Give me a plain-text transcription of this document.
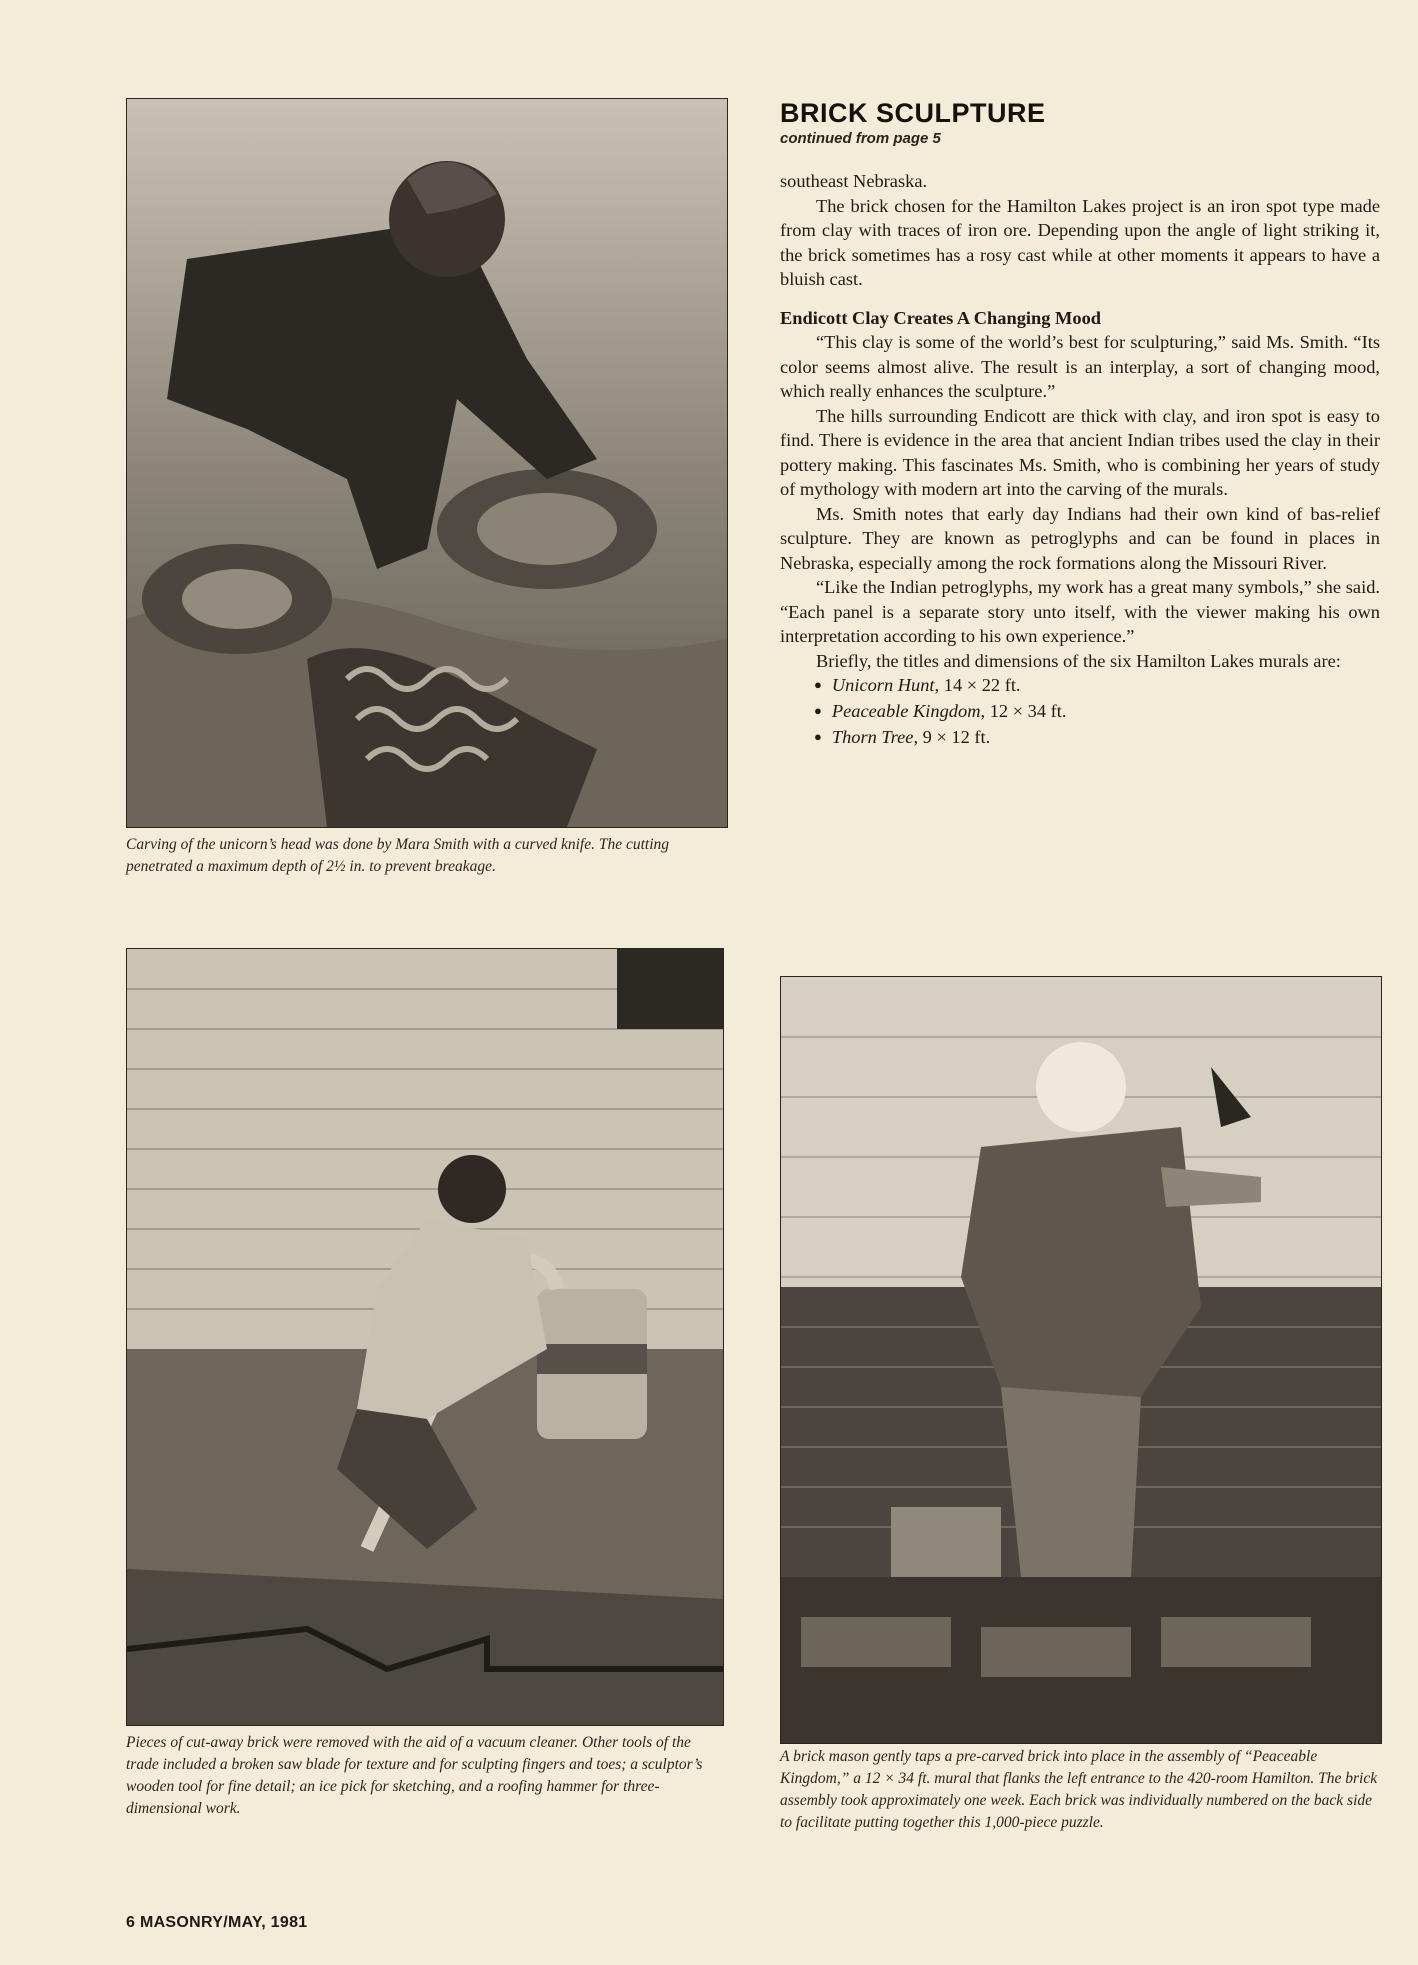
Carving of the unicorn’s head was done by Mara Smith with a curved knife. The cutting penetrated a maximum depth of 2½ in. to prevent breakage.

Pieces of cut-away brick were removed with the aid of a vacuum cleaner. Other tools of the trade included a broken saw blade for texture and for sculpting fingers and toes; a sculptor’s wooden tool for fine detail; an ice pick for sketching, and a roofing hammer for three-dimensional work.

BRICK SCULPTURE
continued from page 5

southeast Nebraska.

The brick chosen for the Hamilton Lakes project is an iron spot type made from clay with traces of iron ore. Depending upon the angle of light striking it, the brick sometimes has a rosy cast while at other moments it appears to have a bluish cast.

Endicott Clay Creates A Changing Mood

“This clay is some of the world’s best for sculpturing,” said Ms. Smith. “Its color seems almost alive. The result is an interplay, a sort of changing mood, which really enhances the sculpture.”

The hills surrounding Endicott are thick with clay, and iron spot is easy to find. There is evidence in the area that ancient Indian tribes used the clay in their pottery making. This fascinates Ms. Smith, who is combining her years of study of mythology with modern art into the carving of the murals.

Ms. Smith notes that early day Indians had their own kind of bas-relief sculpture. They are known as petroglyphs and can be found in places in Nebraska, especially among the rock formations along the Missouri River.

“Like the Indian petroglyphs, my work has a great many symbols,” she said. “Each panel is a separate story unto itself, with the viewer making his own interpretation according to his own experience.”

Briefly, the titles and dimensions of the six Hamilton Lakes murals are:

● Unicorn Hunt, 14 × 22 ft.
● Peaceable Kingdom, 12 × 34 ft.
● Thorn Tree, 9 × 12 ft.

A brick mason gently taps a pre-carved brick into place in the assembly of “Peaceable Kingdom,” a 12 × 34 ft. mural that flanks the left entrance to the 420-room Hamilton. The brick assembly took approximately one week. Each brick was individually numbered on the back side to facilitate putting together this 1,000-piece puzzle.

6 MASONRY/MAY, 1981
